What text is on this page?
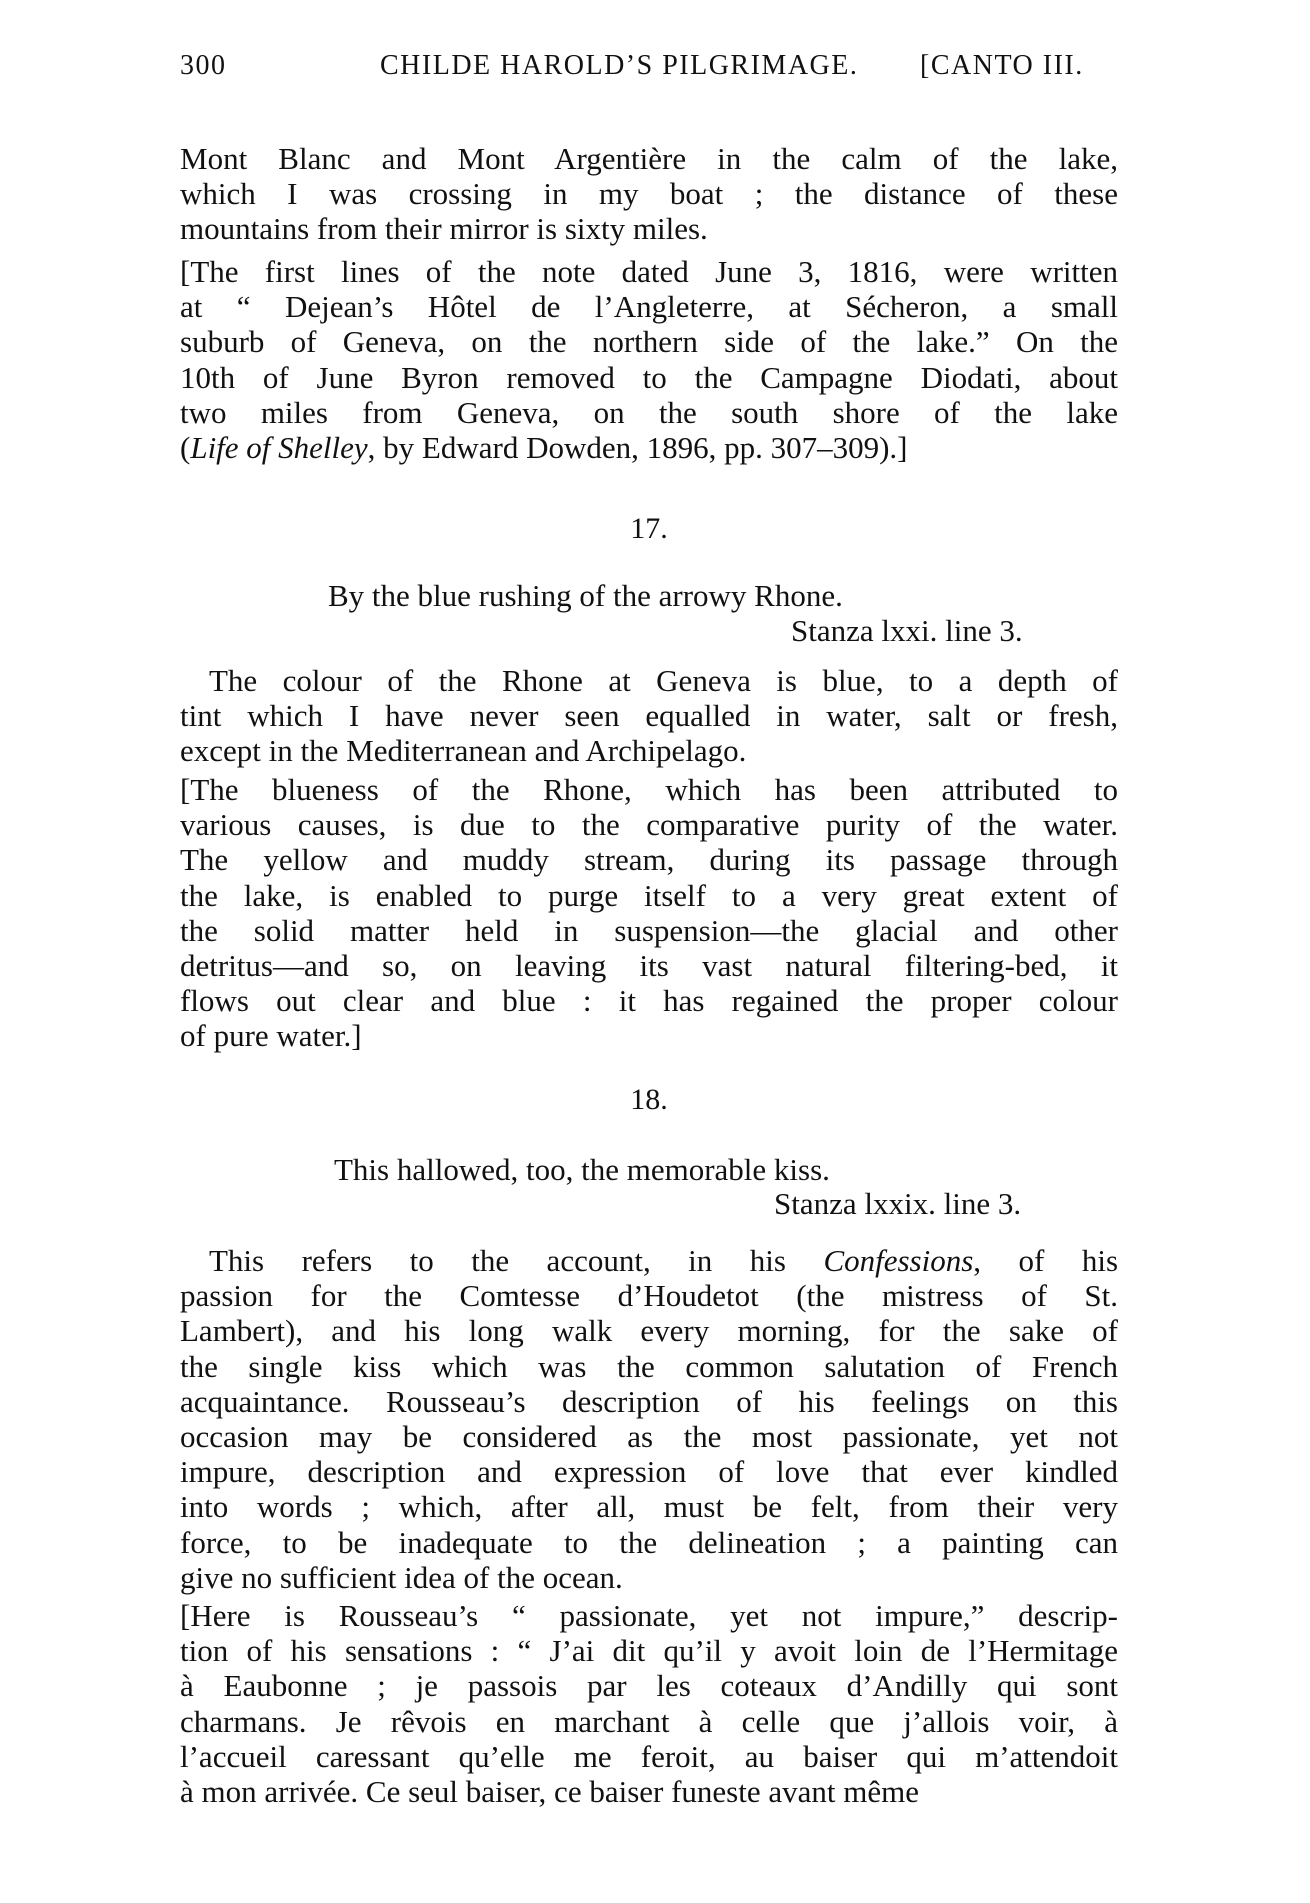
300	CHILDE HAROLD’S PILGRIMAGE. [CANTO III.
Mont Blanc and Mont Argentière in the calm of the lake,
which I was crossing in my boat ; the distance of these
mountains from their mirror is sixty miles.
[The first lines of the note dated June 3, 1816, were written
at “ Dejean’s Hôtel de l’Angleterre, at Sécheron, a small
suburb of Geneva, on the northern side of the lake.” On the
10th of June Byron removed to the Campagne Diodati, about
two miles from Geneva, on the south shore of the lake
(Life of Shelley, by Edward Dowden, 1896, pp. 307–309).]
The colour of the Rhone at Geneva is blue, to a depth of
tint which I have never seen equalled in water, salt or fresh,
except in the Mediterranean and Archipelago.
[The blueness of the Rhone, which has been attributed to
various causes, is due to the comparative purity of the water.
The yellow and muddy stream, during its passage through
the lake, is enabled to purge itself to a very great extent of
the solid matter held in suspension—the glacial and other
detritus—and so, on leaving its vast natural filtering-bed, it
flows out clear and blue : it has regained the proper colour
of pure water.]
This refers to the account, in his Confessions, of his
passion for the Comtesse d’Houdetot (the mistress of St.
Lambert), and his long walk every morning, for the sake of
the single kiss which was the common salutation of French
acquaintance. Rousseau’s description of his feelings on this
occasion may be considered as the most passionate, yet not
impure, description and expression of love that ever kindled
into words ; which, after all, must be felt, from their very
force, to be inadequate to the delineation ; a painting can
give no sufficient idea of the ocean.
[Here is Rousseau’s “ passionate, yet not impure,” descrip-
tion of his sensations : “ J’ai dit qu’il y avoit loin de l’Hermitage
à Eaubonne ; je passois par les coteaux d’Andilly qui sont
charmans. Je rêvois en marchant à celle que j’allois voir, à
l’accueil caressant qu’elle me feroit, au baiser qui m’attendoit
à mon arrivée. Ce seul baiser, ce baiser funeste avant même
17.
By the blue rushing of the arrowy Rhone.
Stanza lxxi. line 3.
18.
This hallowed, too, the memorable kiss.
Stanza lxxix. line 3.
